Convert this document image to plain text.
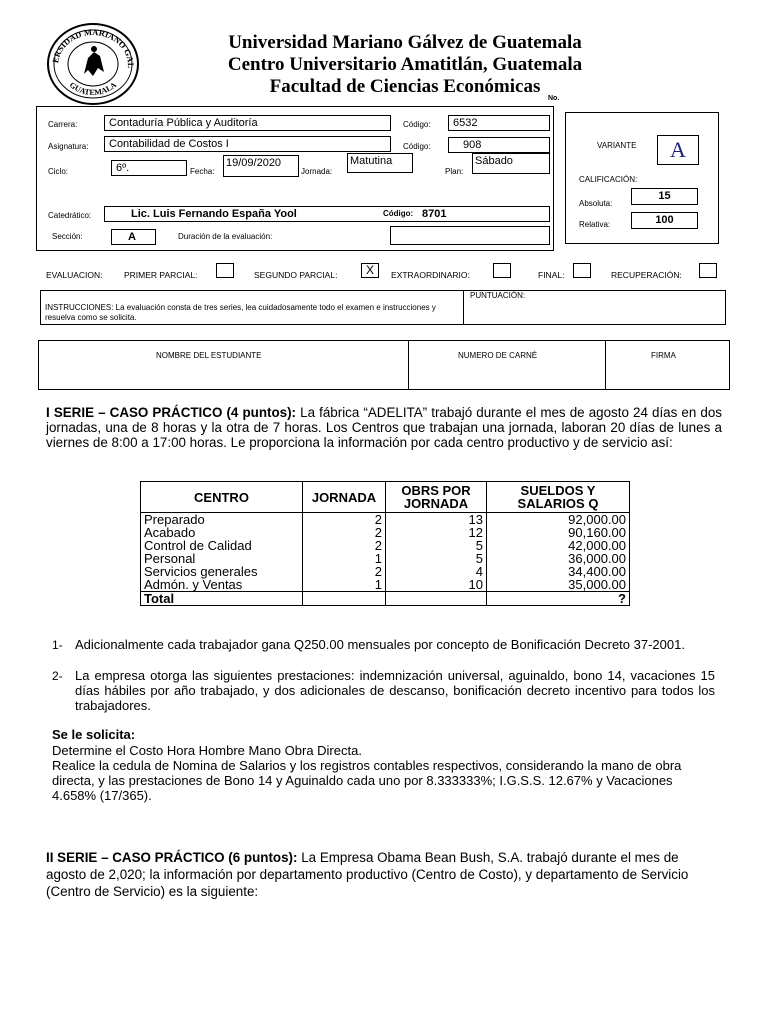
ERSIDAD MARIANO GAL
GUATEMALA
Universidad Mariano Gálvez de Guatemala
Centro Universitario Amatitlán, Guatemala
Facultad de Ciencias Económicas
No.
Carrera:	Contaduría Pública y Auditoría	Código:	6532
Asignatura:	Contabilidad de Costos I	Código:	908
Ciclo:	6º.	Fecha:
19/09/2020
Jornada:
Matutina
Plan:
Sábado
Catedrático:	Lic. Luis Fernando España Yool	Código: 8701
Sección:	A	Duración de la evaluación:
VARIANTE	A
CALIFICACIÓN:
Absoluta:
15
Relativa:	100
EVALUACION:	PRIMER PARCIAL:	SEGUNDO PARCIAL:	X	EXTRAORDINARIO:	FINAL:	RECUPERACIÓN:
INSTRUCCIONES: La evaluación consta de tres series, lea cuidadosamente todo el examen e instrucciones y resuelva como se solicita.
PUNTUACIÓN:
NOMBRE DEL ESTUDIANTE	NUMERO DE CARNÉ	FIRMA
I SERIE – CASO PRÁCTICO (4 puntos): La fábrica “ADELITA” trabajó durante el mes de agosto 24 días en dos jornadas, una de 8 horas y la otra de 7 horas. Los Centros que trabajan una jornada, laboran 20 días de lunes a viernes de 8:00 a 17:00 horas. Le proporciona la información por cada centro productivo y de servicio así:
CENTRO	JORNADA	OBRS POR JORNADA	SUELDOS Y SALARIOS Q
Preparado	2	13	92,000.00
Acabado	2	12	90,160.00
Control de Calidad	2	5	42,000.00
Personal	1	5	36,000.00
Servicios generales	2	4	34,400.00
Admón. y Ventas	1	10	35,000.00
Total			?
1- Adicionalmente cada trabajador gana Q250.00 mensuales por concepto de Bonificación Decreto 37-2001.
2- La empresa otorga las siguientes prestaciones: indemnización universal, aguinaldo, bono 14, vacaciones 15 días hábiles por año trabajado, y dos adicionales de descanso, bonificación decreto incentivo para todos los trabajadores.
Se le solicita:
Determine el Costo Hora Hombre Mano Obra Directa.
Realice la cedula de Nomina de Salarios y los registros contables respectivos, considerando la mano de obra directa, y las prestaciones de Bono 14 y Aguinaldo cada uno por 8.333333%; I.G.S.S. 12.67% y Vacaciones 4.658% (17/365).
II SERIE – CASO PRÁCTICO (6 puntos): La Empresa Obama Bean Bush, S.A. trabajó durante el mes de agosto de 2,020; la información por departamento productivo (Centro de Costo), y departamento de Servicio (Centro de Servicio) es la siguiente:
